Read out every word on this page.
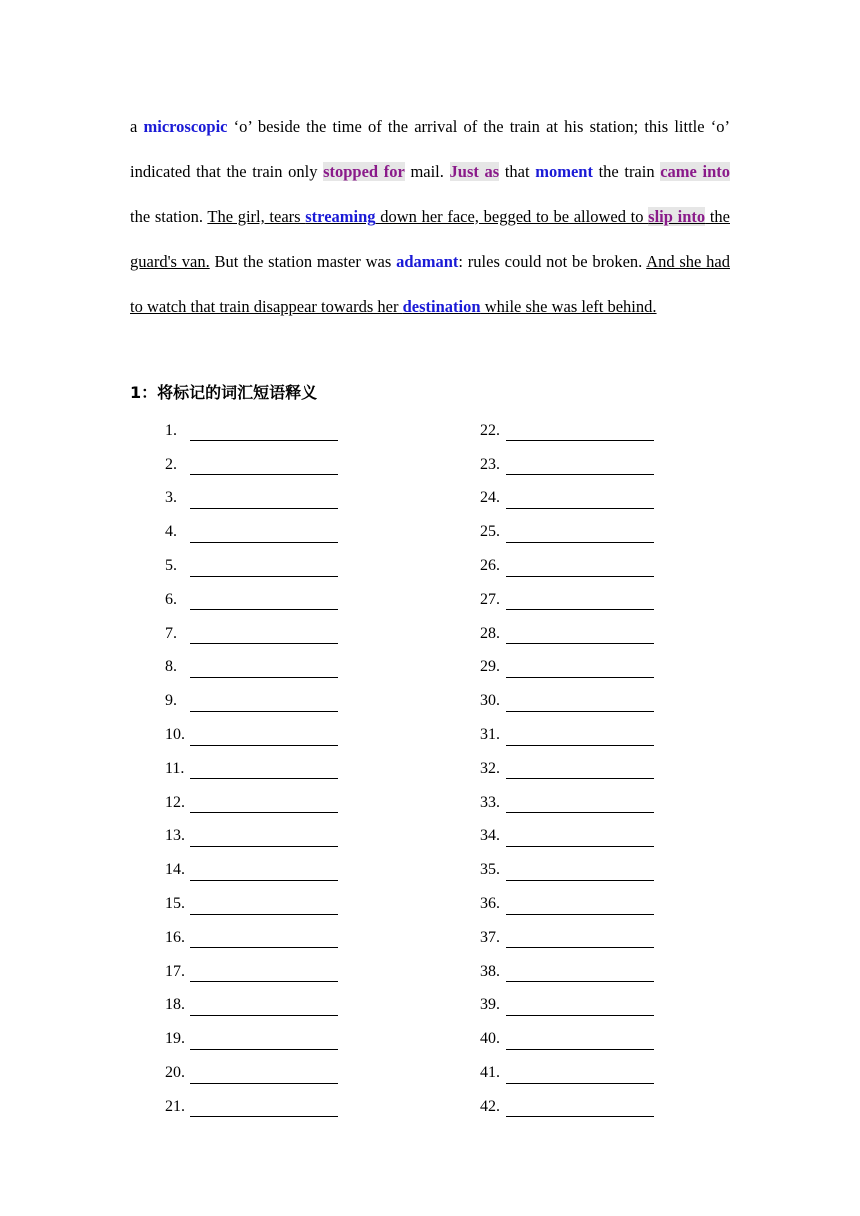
a microscopic ‘o’ beside the time of the arrival of the train at his station; this little ‘o’ indicated that the train only stopped for mail. Just as that moment the train came into the station. The girl, tears streaming down her face, begged to be allowed to slip into the guard's van. But the station master was adamant: rules could not be broken. And she had to watch that train disappear towards her destination while she was left behind.
1：将标记的词汇短语释义
1.
2.
3.
4.
5.
6.
7.
8.
9.
10.
11.
12.
13.
14.
15.
16.
17.
18.
19.
20.
21.
22.
23.
24.
25.
26.
27.
28.
29.
30.
31.
32.
33.
34.
35.
36.
37.
38.
39.
40.
41.
42.
